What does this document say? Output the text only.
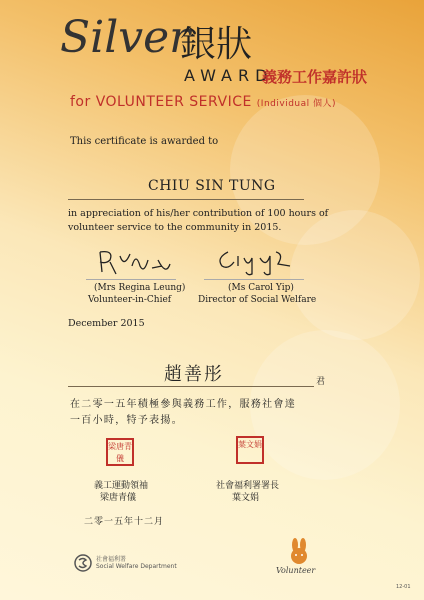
Silver
銀狀
AWARD
義務工作嘉許狀
for VOLUNTEER SERVICE (Individual 個人)
This certificate is awarded to
CHIU SIN TUNG
in appreciation of his/her contribution of 100 hours of
volunteer service to the community in 2015.
(Mrs Regina Leung)
Volunteer-in-Chief
(Ms Carol Yip)
Director of Social Welfare
December 2015
趙善彤	君
在二零一五年積極參與義務工作，服務社會達
一百小時，特予表揚。
梁唐青儀
葉文娟
義工運動領袖
梁唐青儀
社會福利署署長
葉文娟
二零一五年十二月
社會福利署
Social Welfare Department	Volunteer
12-01
